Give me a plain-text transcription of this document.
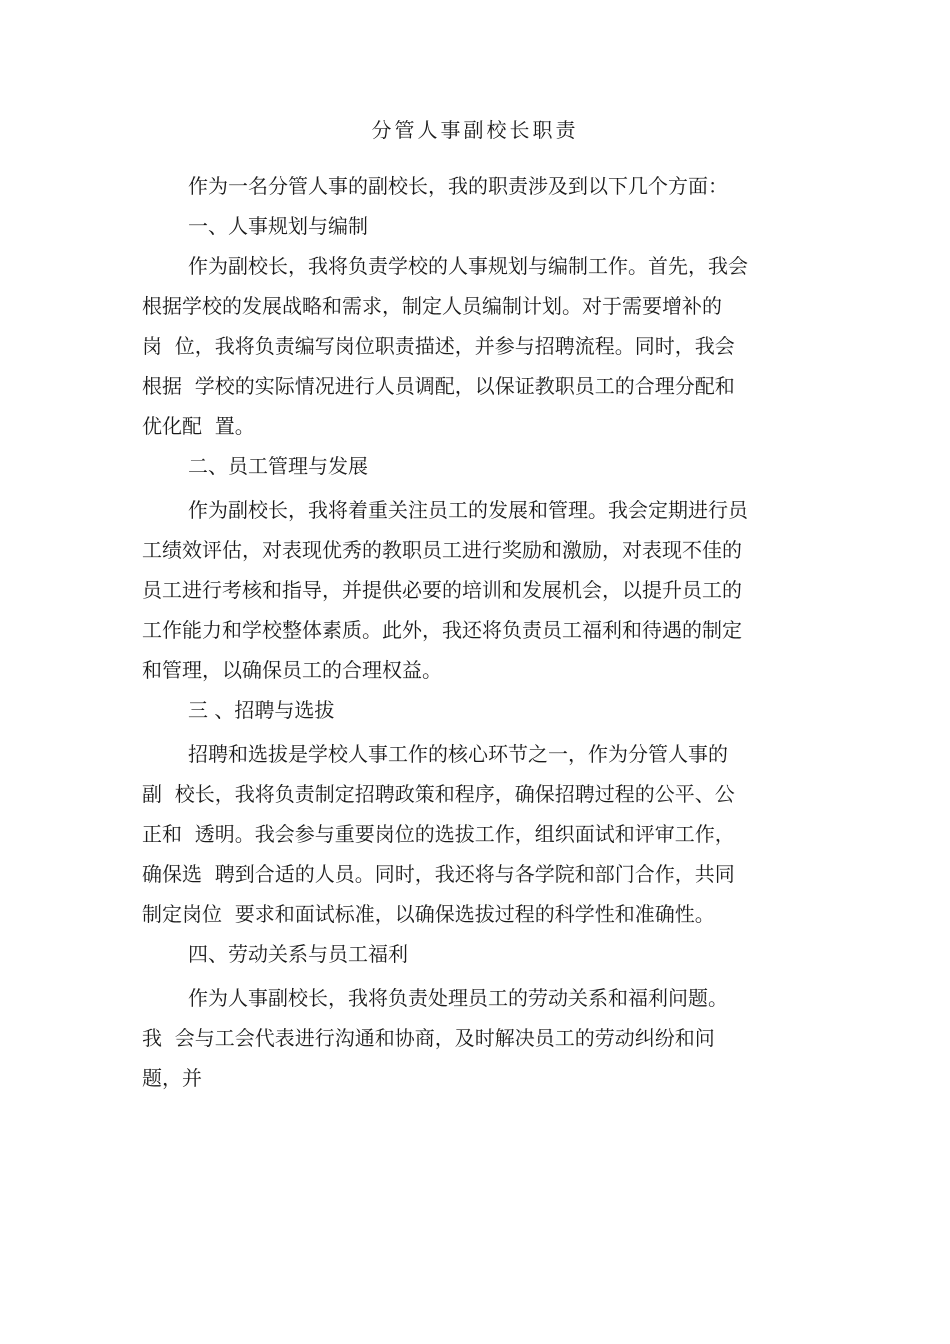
分管人事副校长职责

作为一名分管人事的副校长，我的职责涉及到以下几个方面：

一、人事规划与编制

作为副校长，我将负责学校的人事规划与编制工作。首先，我会

根据学校的发展战略和需求，制定人员编制计划。对于需要增补的

岗  位，我将负责编写岗位职责描述，并参与招聘流程。同时，我会

根据  学校的实际情况进行人员调配，以保证教职员工的合理分配和

优化配  置。

二、员工管理与发展

作为副校长，我将着重关注员工的发展和管理。我会定期进行员

工绩效评估，对表现优秀的教职员工进行奖励和激励，对表现不佳的

员工进行考核和指导，并提供必要的培训和发展机会，以提升员工的

工作能力和学校整体素质。此外，我还将负责员工福利和待遇的制定

和管理，以确保员工的合理权益。

三 、招聘与选拔

招聘和选拔是学校人事工作的核心环节之一，作为分管人事的

副  校长，我将负责制定招聘政策和程序，确保招聘过程的公平、公

正和  透明。我会参与重要岗位的选拔工作，组织面试和评审工作，

确保选  聘到合适的人员。同时，我还将与各学院和部门合作，共同

制定岗位  要求和面试标准，以确保选拔过程的科学性和准确性。

四、劳动关系与员工福利

作为人事副校长，我将负责处理员工的劳动关系和福利问题。

我  会与工会代表进行沟通和协商，及时解决员工的劳动纠纷和问

题，并
